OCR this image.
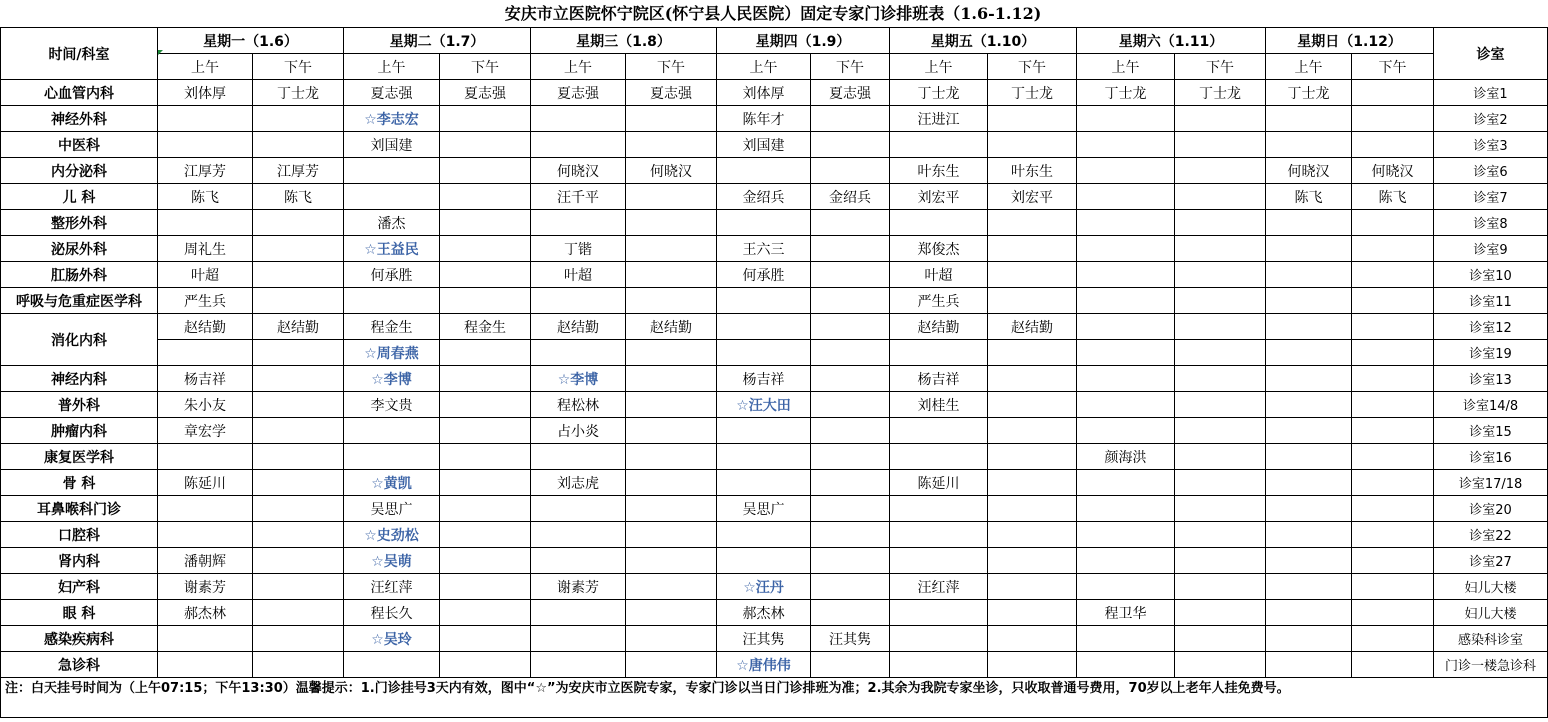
安庆市立医院怀宁院区(怀宁县人民医院）固定专家门诊排班表（1.6-1.12)
时间/科室	星期一（1.6）		星期二（1.7）		星期三（1.8）		星期四（1.9）		星期五（1.10）		星期六（1.11）		星期日（1.12）		诊室
	上午	下午	上午	下午	上午	下午	上午	下午	上午	下午	上午	下午	上午	下午	
心血管内科	刘体厚	丁士龙	夏志强	夏志强	夏志强	夏志强	刘体厚	夏志强	丁士龙	丁士龙	丁士龙	丁士龙	丁士龙		诊室1
神经外科			☆李志宏				陈年才		汪进江						诊室2
中医科			刘国建				刘国建								诊室3
内分泌科	江厚芳	江厚芳			何晓汉	何晓汉			叶东生	叶东生			何晓汉	何晓汉	诊室6
儿 科	陈飞	陈飞			汪千平		金绍兵	金绍兵	刘宏平	刘宏平			陈飞	陈飞	诊室7
整形外科			潘杰												诊室8
泌尿外科	周礼生		☆王益民		丁锴		王六三		郑俊杰						诊室9
肛肠外科	叶超		何承胜		叶超		何承胜		叶超						诊室10
呼吸与危重症医学科	严生兵								严生兵						诊室11
消化内科	赵结勤	赵结勤	程金生	程金生	赵结勤	赵结勤			赵结勤	赵结勤					诊室12
			☆周春燕												诊室19
神经内科	杨吉祥		☆李博		☆李博		杨吉祥		杨吉祥						诊室13
普外科	朱小友		李文贵		程松林		☆汪大田		刘桂生						诊室14/8
肿瘤内科	章宏学				占小炎										诊室15
康复医学科											颜海洪				诊室16
骨 科	陈延川		☆黄凯		刘志虎				陈延川						诊室17/18
耳鼻喉科门诊			吴思广				吴思广								诊室20
口腔科			☆史劲松												诊室22
肾内科	潘朝辉		☆吴萌												诊室27
妇产科	谢素芳		汪红萍		谢素芳		☆汪丹		汪红萍						妇儿大楼
眼 科	郝杰林		程长久				郝杰林				程卫华				妇儿大楼
感染疾病科			☆吴玲				汪其隽	汪其隽							感染科诊室
急诊科							☆唐伟伟								门诊一楼急诊科
注：白天挂号时间为（上午07:15；下午13:30）温馨提示：1.门诊挂号3天内有效，图中“☆”为安庆市立医院专家，专家门诊以当日门诊排班为准；2.其余为我院专家坐诊，只收取普通号费用，70岁以上老年人挂免费号。															
